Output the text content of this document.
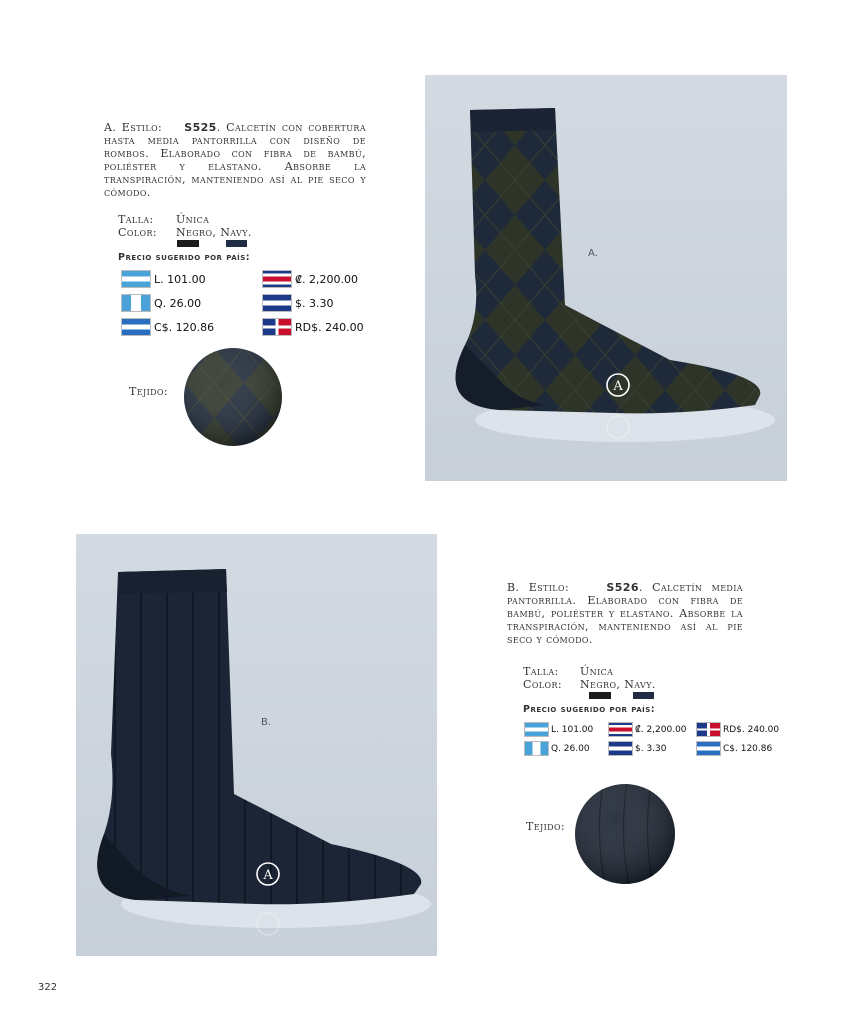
A. Estilo: S525. Calcetín con cobertura hasta media pantorrilla con diseño de rombos. Elaborado con fibra de bambú, poliéster y elastano. Absorbe la transpiración, manteniendo así al pie seco y cómodo.
Talla: Única
Color: Negro, Navy.
Precio sugerido por país:
L. 101.00	₡. 2,200.00
Q. 26.00	$. 3.30
C$. 120.86	RD$. 240.00
Tejido:	A
A.
A
B.
B. Estilo:	S526. Calcetín media pantorrilla. Elaborado con fibra de bambú, poliéster y elastano. Absorbe la transpiración, manteniendo así al pie seco y cómodo.
Talla: Única
Color: Negro, Navy.
Precio sugerido por país:
L. 101.00	₡. 2,200.00	RD$. 240.00
Q. 26.00	$. 3.30	C$. 120.86
Tejido:
322
